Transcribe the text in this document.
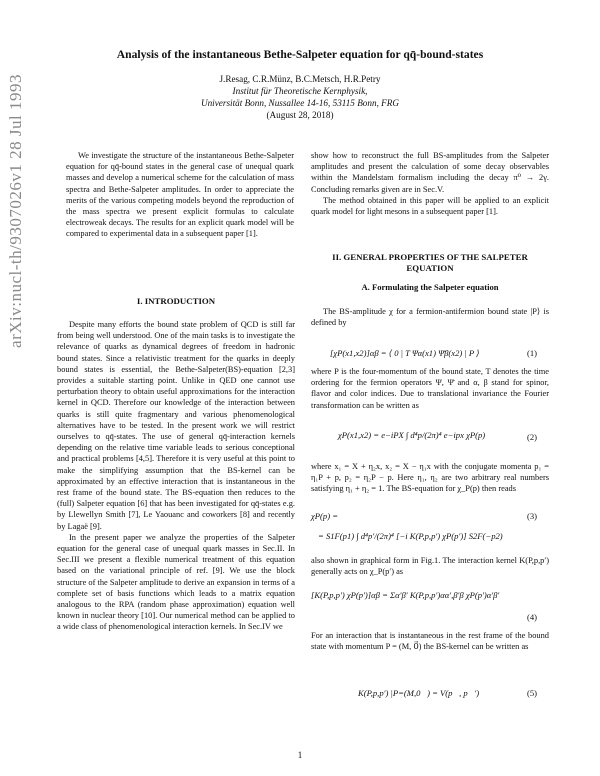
arXiv:nucl-th/9307026v1 28 Jul 1993
Analysis of the instantaneous Bethe-Salpeter equation for qq̄-bound-states
J.Resag, C.R.Münz, B.C.Metsch, H.R.Petry
Institut für Theoretische Kernphysik,
Universität Bonn, Nussallee 14-16, 53115 Bonn, FRG
(August 28, 2018)
We investigate the structure of the instantaneous Bethe-Salpeter equation for qq̄-bound states in the general case of unequal quark masses and develop a numerical scheme for the calculation of mass spectra and Bethe-Salpeter amplitudes. In order to appreciate the merits of the various competing models beyond the reproduction of the mass spectra we present explicit formulas to calculate electroweak decays. The results for an explicit quark model will be compared to experimental data in a subsequent paper [1].
I. INTRODUCTION

Despite many efforts the bound state problem of QCD is still far from being well understood. One of the main tasks is to investigate the relevance of quarks as dynamical degrees of freedom in hadronic bound states. Since a relativistic treatment for the quarks in deeply bound states is essential, the Bethe-Salpeter(BS)-equation [2,3] provides a suitable starting point. Unlike in QED one cannot use perturbation theory to obtain useful approximations for the interaction kernel in QCD. Therefore our knowledge of the interaction between quarks is still quite fragmentary and various phenomenological alternatives have to be tested. In the present work we will restrict ourselves to qq̄-states. The use of general qq̄-interaction kernels depending on the relative time variable leads to serious conceptional and practical problems [4,5]. Therefore it is very useful at this point to make the simplifying assumption that the BS-kernel can be approximated by an effective interaction that is instantaneous in the rest frame of the bound state. The BS-equation then reduces to the (full) Salpeter equation [6] that has been investigated for qq̄-states e.g. by Llewellyn Smith [7], Le Yaouanc and coworkers [8] and recently by Lagaë [9].

In the present paper we analyze the properties of the Salpeter equation for the general case of unequal quark masses in Sec.II. In Sec.III we present a flexible numerical treatment of this equation based on the variational principle of ref. [9]. We use the block structure of the Salpeter amplitude to derive an expansion in terms of a complete set of basis functions which leads to a matrix equation analogous to the RPA (random phase approximation) equation well known in nuclear theory [10]. Our numerical method can be applied to a wide class of phenomenological interaction kernels. In Sec.IV we

show how to reconstruct the full BS-amplitudes from the Salpeter amplitudes and present the calculation of some decay observables within the Mandelstam formalism including the decay π⁰ → 2γ. Concluding remarks given are in Sec.V.

The method obtained in this paper will be applied to an explicit quark model for light mesons in a subsequent paper [1].

II. GENERAL PROPERTIES OF THE SALPETER EQUATION
A. Formulating the Salpeter equation

The BS-amplitude χ for a fermion-antifermion bound state |P⟩ is defined by

[χP(x1,x2)]αβ = ⟨ 0 | T Ψα(x1) Ψ̄β(x2) | P ⟩	(1)

where P is the four-momentum of the bound state, T denotes the time ordering for the fermion operators Ψ, Ψ̄ and α, β stand for spinor, flavor and color indices. Due to translational invariance the Fourier transformation can be written as

χP(x1,x2) = e−iPX ∫ d⁴p/(2π)⁴ e−ipx χP(p)	(2)

where x₁ = X + η₂x, x₂ = X − η₁x with the conjugate momenta p₁ = η₁P + p, p₂ = η₂P − p. Here η₁, η₂ are two arbitrary real numbers satisfying η₁ + η₂ = 1. The BS-equation for χ_P(p) then reads

χP(p) =	(3)
= S1F(p1) ∫ d⁴p′/(2π)⁴ [−i K(P,p,p′) χP(p′)] S2F(−p2)

also shown in graphical form in Fig.1. The interaction kernel K(P,p,p′) generally acts on χ_P(p′) as

[K(P,p,p′) χP(p′)]αβ = Σα′β′ K(P,p,p′)αα′,β′β χP(p′)α′β′
(4)

For an interaction that is instantaneous in the rest frame of the bound state with momentum P = (M, 0⃗) the BS-kernel can be written as

K(P,p,p′) |P=(M,0⃗) = V(p⃗, p⃗′)	(5)
1
